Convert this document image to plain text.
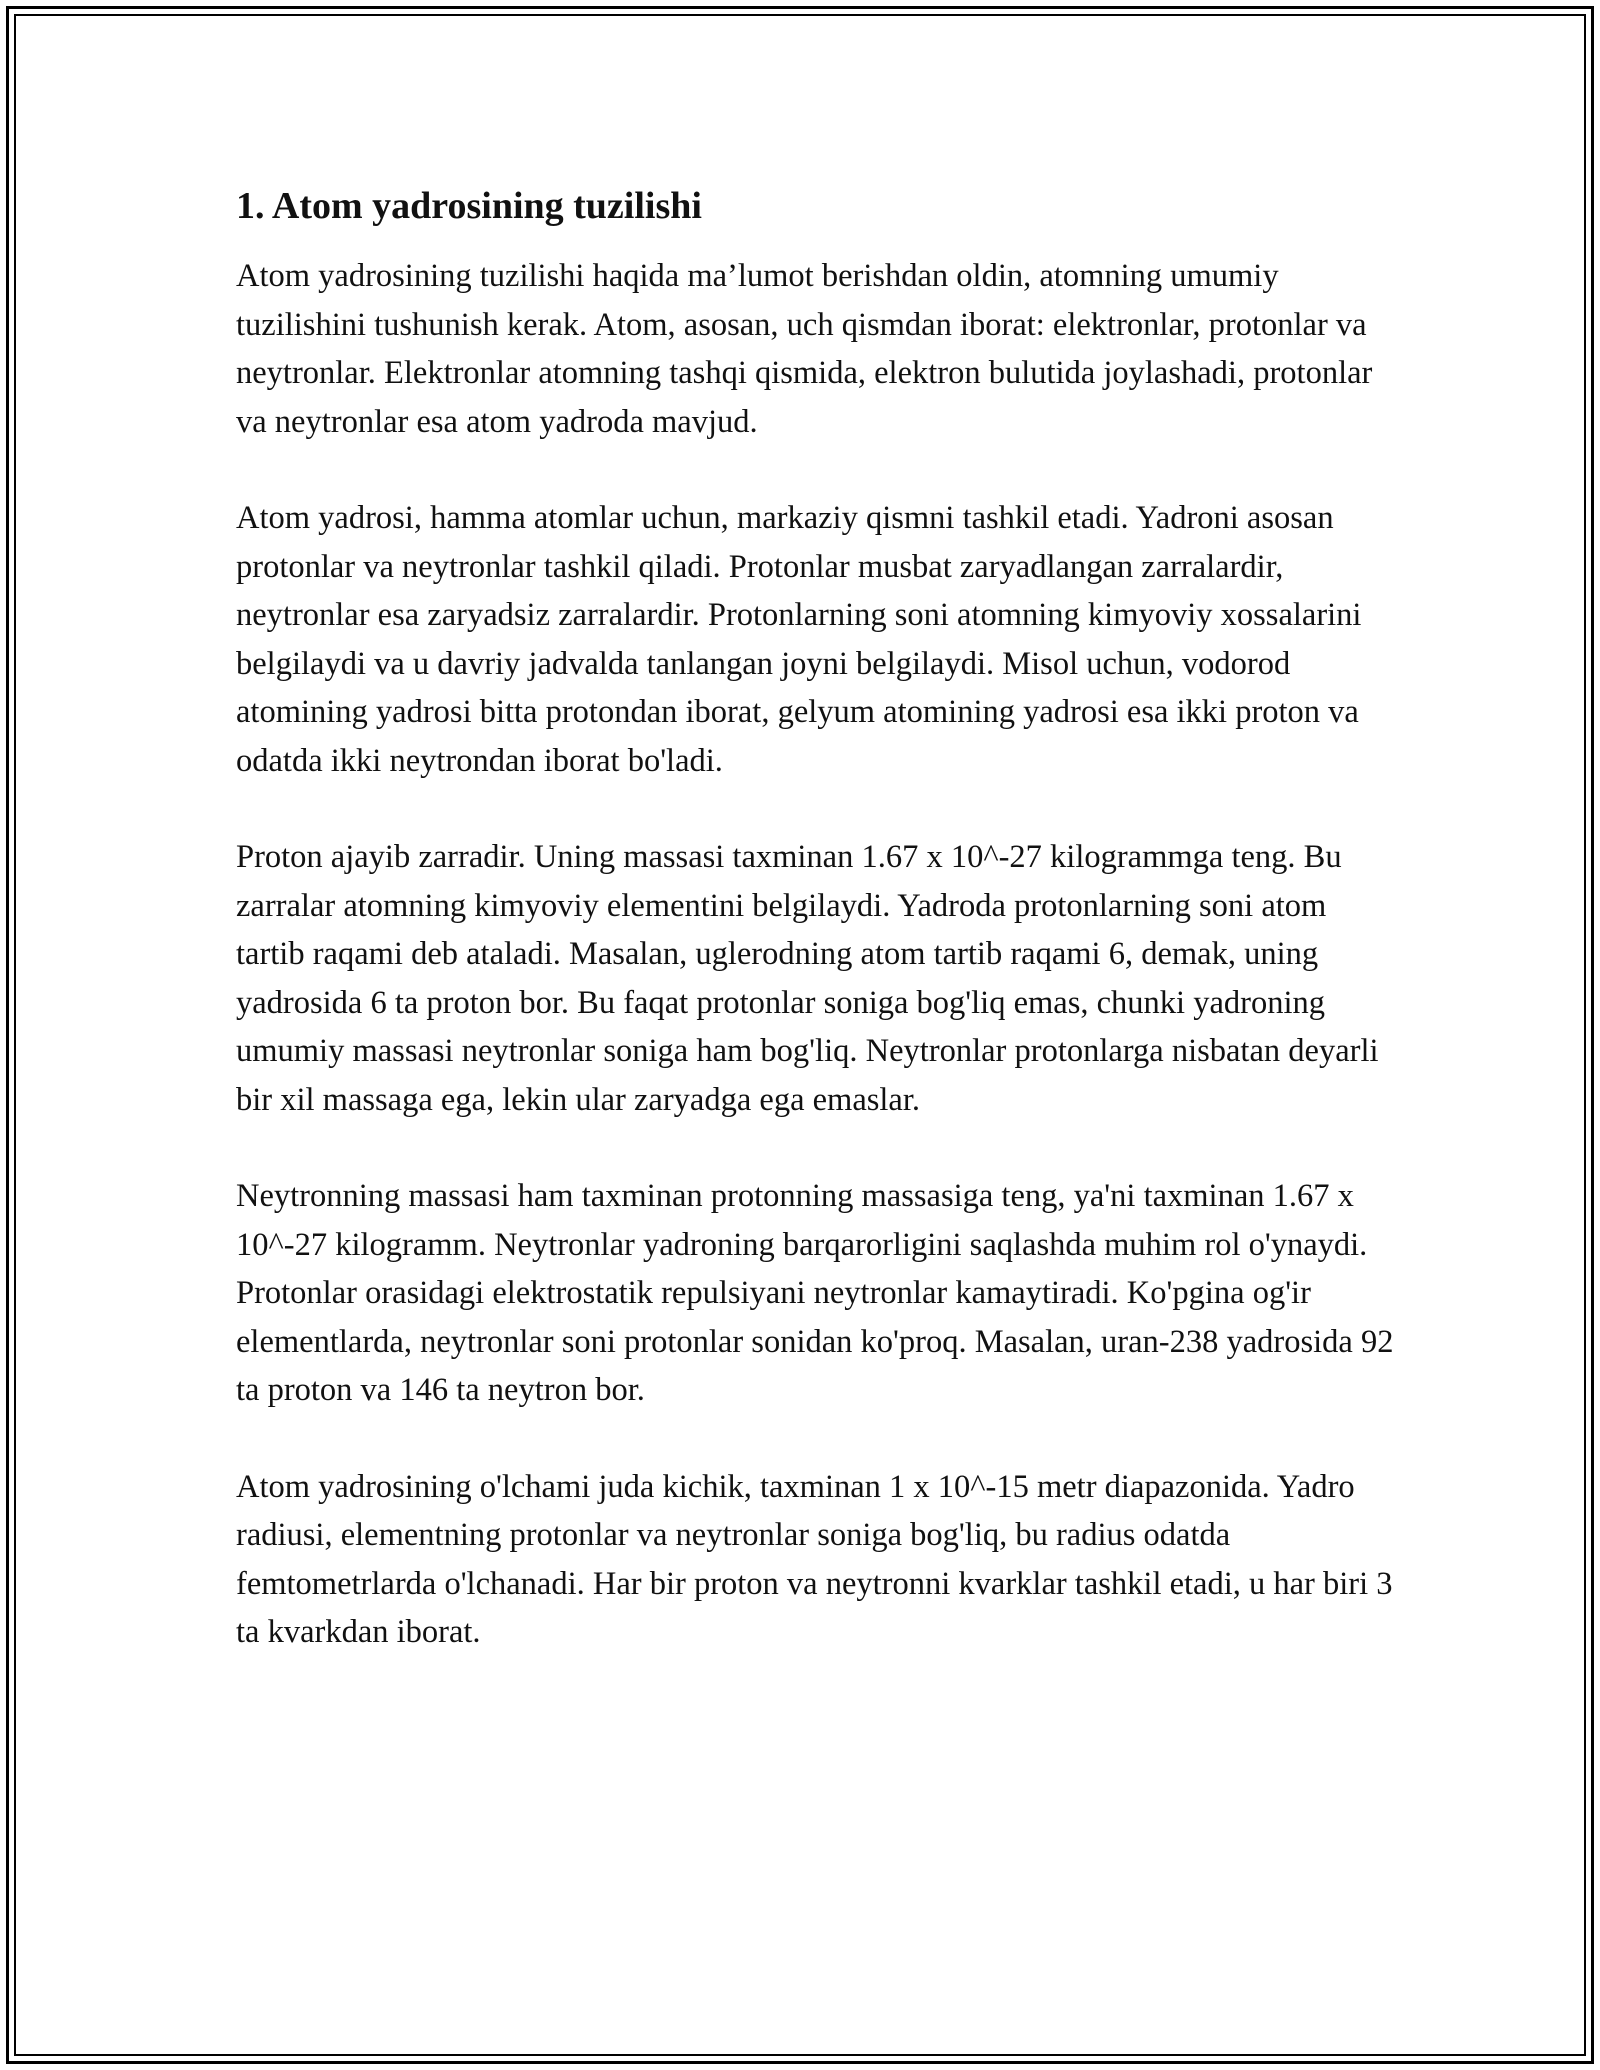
1. Atom yadrosining tuzilishi

Atom yadrosining tuzilishi haqida ma’lumot berishdan oldin, atomning umumiy tuzilishini tushunish kerak. Atom, asosan, uch qismdan iborat: elektronlar, protonlar va neytronlar. Elektronlar atomning tashqi qismida, elektron bulutida joylashadi, protonlar va neytronlar esa atom yadroda mavjud.

Atom yadrosi, hamma atomlar uchun, markaziy qismni tashkil etadi. Yadroni asosan protonlar va neytronlar tashkil qiladi. Protonlar musbat zaryadlangan zarralardir, neytronlar esa zaryadsiz zarralardir. Protonlarning soni atomning kimyoviy xossalarini belgilaydi va u davriy jadvalda tanlangan joyni belgilaydi. Misol uchun, vodorod atomining yadrosi bitta protondan iborat, gelyum atomining yadrosi esa ikki proton va odatda ikki neytrondan iborat bo'ladi.

Proton ajayib zarradir. Uning massasi taxminan 1.67 x 10^-27 kilogrammga teng. Bu zarralar atomning kimyoviy elementini belgilaydi. Yadroda protonlarning soni atom tartib raqami deb ataladi. Masalan, uglerodning atom tartib raqami 6, demak, uning yadrosida 6 ta proton bor. Bu faqat protonlar soniga bog'liq emas, chunki yadroning umumiy massasi neytronlar soniga ham bog'liq. Neytronlar protonlarga nisbatan deyarli bir xil massaga ega, lekin ular zaryadga ega emaslar.

Neytronning massasi ham taxminan protonning massasiga teng, ya'ni taxminan 1.67 x 10^-27 kilogramm. Neytronlar yadroning barqarorligini saqlashda muhim rol o'ynaydi. Protonlar orasidagi elektrostatik repulsiyani neytronlar kamaytiradi. Ko'pgina og'ir elementlarda, neytronlar soni protonlar sonidan ko'proq. Masalan, uran-238 yadrosida 92 ta proton va 146 ta neytron bor.

Atom yadrosining o'lchami juda kichik, taxminan 1 x 10^-15 metr diapazonida. Yadro radiusi, elementning protonlar va neytronlar soniga bog'liq, bu radius odatda femtometrlarda o'lchanadi. Har bir proton va neytronni kvarklar tashkil etadi, u har biri 3 ta kvarkdan iborat.
